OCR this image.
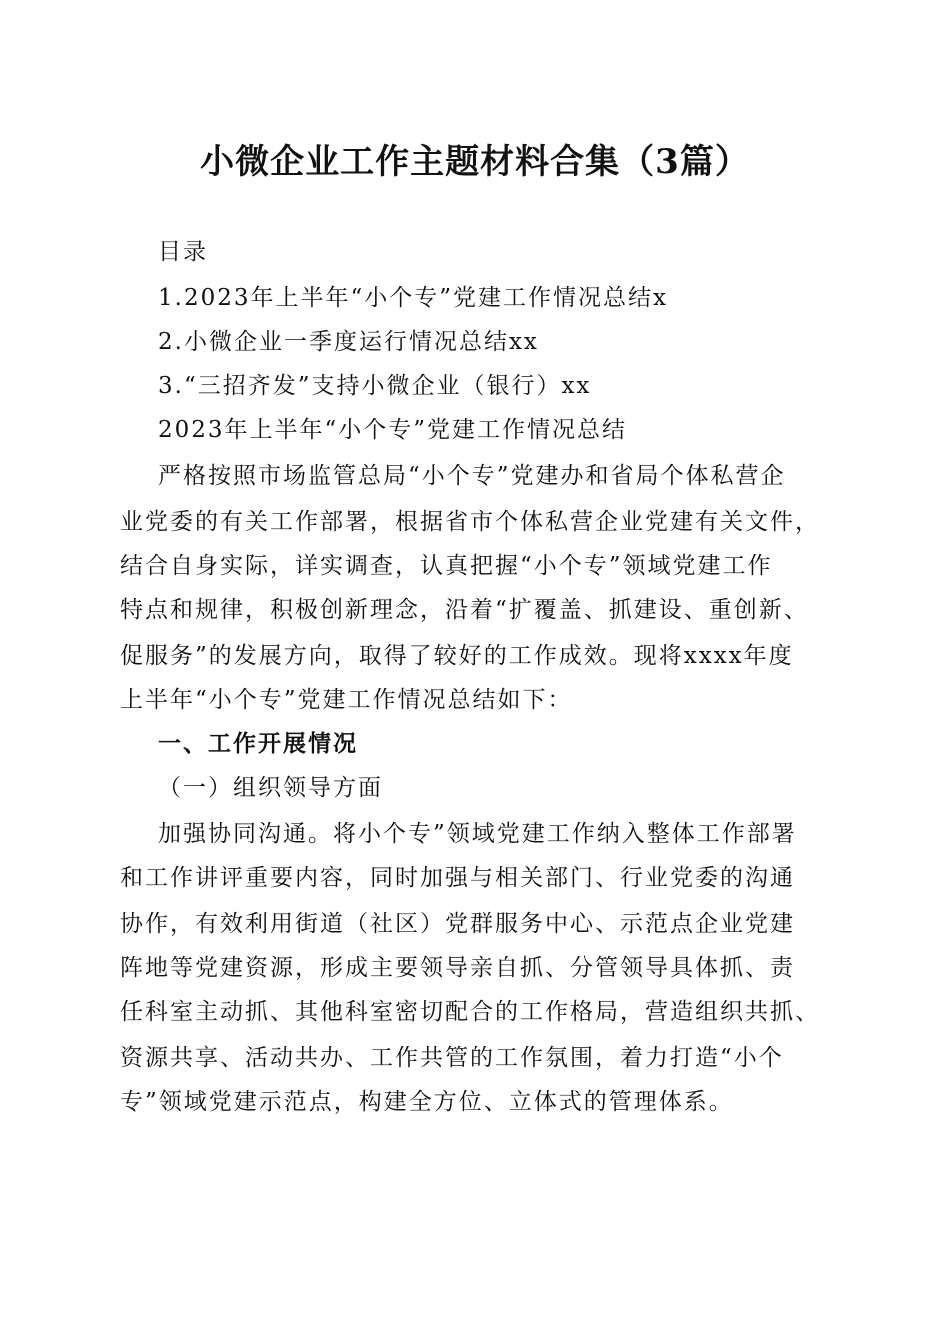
小微企业工作主题材料合集（3篇）
目录
1.2023年上半年“小个专”党建工作情况总结x
2.小微企业一季度运行情况总结xx
3.“三招齐发”支持小微企业（银行）xx
2023年上半年“小个专”党建工作情况总结
严格按照市场监管总局“小个专”党建办和省局个体私营企
业党委的有关工作部署，根据省市个体私营企业党建有关文件，
结合自身实际，详实调查，认真把握“小个专”领域党建工作
特点和规律，积极创新理念，沿着“扩覆盖、抓建设、重创新、
促服务”的发展方向，取得了较好的工作成效。现将xxxx年度
上半年“小个专”党建工作情况总结如下：
一、工作开展情况
（一）组织领导方面
加强协同沟通。将小个专”领域党建工作纳入整体工作部署
和工作讲评重要内容，同时加强与相关部门、行业党委的沟通
协作，有效利用街道（社区）党群服务中心、示范点企业党建
阵地等党建资源，形成主要领导亲自抓、分管领导具体抓、责
任科室主动抓、其他科室密切配合的工作格局，营造组织共抓、
资源共享、活动共办、工作共管的工作氛围，着力打造“小个
专”领域党建示范点，构建全方位、立体式的管理体系。
